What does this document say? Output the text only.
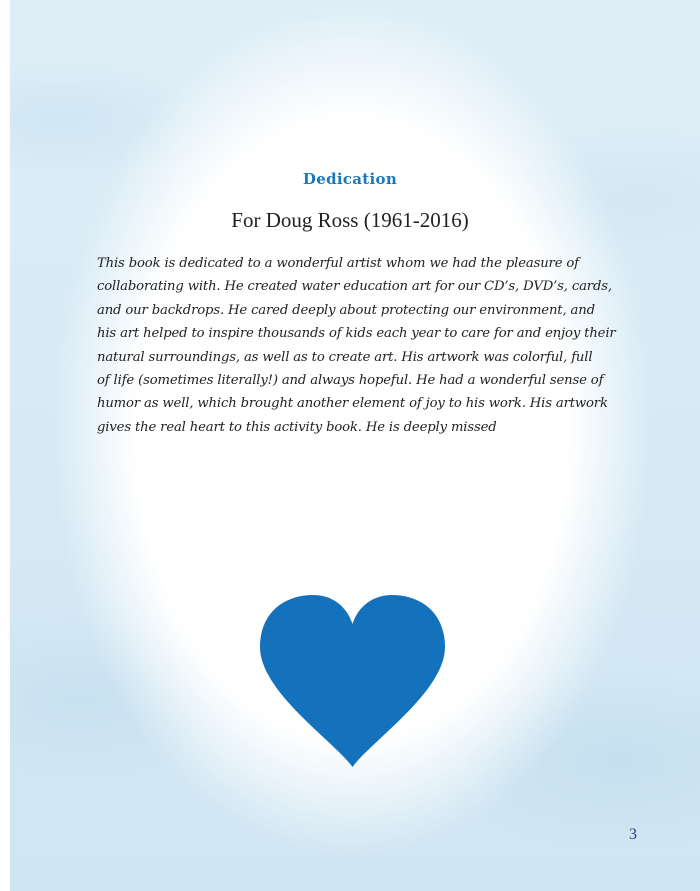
Dedication
For Doug Ross (1961-2016)
This book is dedicated to a wonderful artist whom we had the pleasure of
collaborating with. He created water education art for our CD’s, DVD’s, cards,
and our backdrops. He cared deeply about protecting our environment, and
his art helped to inspire thousands of kids each year to care for and enjoy their
natural surroundings, as well as to create art. His artwork was colorful, full
of life (sometimes literally!) and always hopeful. He had a wonderful sense of
humor as well, which brought another element of joy to his work. His artwork
gives the real heart to this activity book. He is deeply missed
3
